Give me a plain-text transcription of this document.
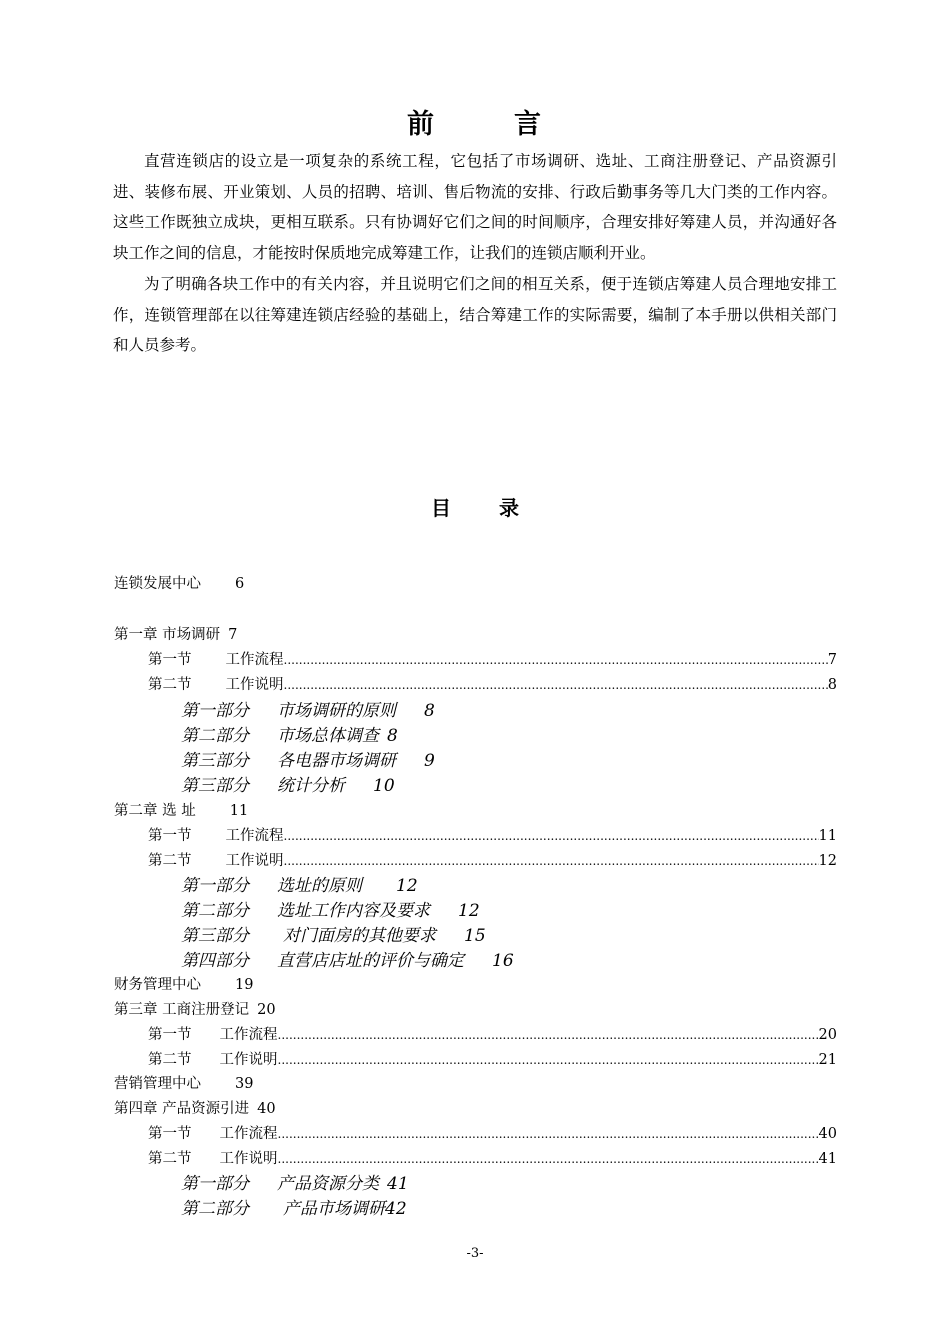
前	言

直营连锁店的设立是一项复杂的系统工程，它包括了市场调研、选址、工商注册登记、产品资源引进、装修布展、开业策划、人员的招聘、培训、售后物流的安排、行政后勤事务等几大门类的工作内容。这些工作既独立成块，更相互联系。只有协调好它们之间的时间顺序，合理安排好筹建人员，并沟通好各块工作之间的信息，才能按时保质地完成筹建工作，让我们的连锁店顺利开业。

为了明确各块工作中的有关内容，并且说明它们之间的相互关系，便于连锁店筹建人员合理地安排工作，连锁管理部在以往筹建连锁店经验的基础上，结合筹建工作的实际需要，编制了本手册以供相关部门和人员参考。

目 录
连锁发展中心 6
第一章 市场调研 7
第一节 工作流程 .....	7
第二节 工作说明 .....	8
第一部分 市场调研的原则 8
第二部分 市场总体调查 8
第三部分 各电器市场调研 9
第三部分 统计分析 10
第二章 选 址 11
第一节 工作流程 .....	11
第二节 工作说明 .....	12
第一部分 选址的原则 12
第二部分 选址工作内容及要求 12
第三部分 对门面房的其他要求 15
第四部分 直营店店址的评价与确定 16
财务管理中心 19
第三章 工商注册登记 20
第一节 工作流程 .....	20
第二节 工作说明 .....	21
营销管理中心 39
第四章 产品资源引进 40
第一节 工作流程 .....	40
第二节 工作说明 .....	41
第一部分 产品资源分类 41
第二部分 产品市场调研42
-3-
